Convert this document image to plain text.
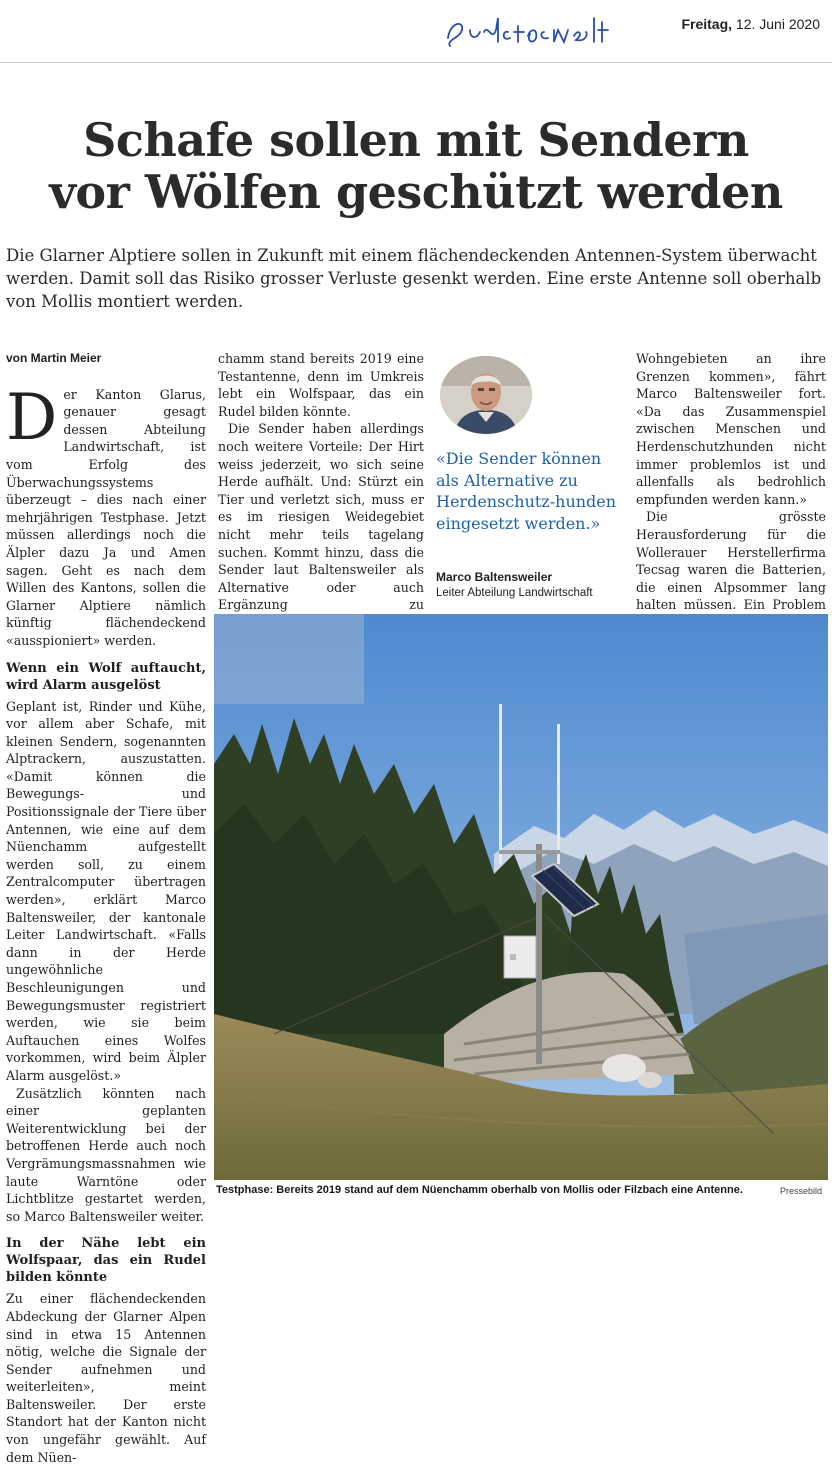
Freitag, 12. Juni 2020
Schafe sollen mit Sendern
vor Wölfen geschützt werden
Die Glarner Alptiere sollen in Zukunft mit einem flächendeckenden Antennen-System überwacht werden. Damit soll das Risiko grosser Verluste gesenkt werden. Eine erste Antenne soll oberhalb von Mollis montiert werden.

von Martin Meier

Der Kanton Glarus, genauer gesagt dessen Abteilung Landwirtschaft, ist vom Erfolg des Überwachungssystems überzeugt – dies nach einer mehrjährigen Testphase. Jetzt müssen allerdings noch die Älpler dazu Ja und Amen sagen. Geht es nach dem Willen des Kantons, sollen die Glarner Alptiere nämlich künftig flächendeckend «ausspioniert» werden.

Wenn ein Wolf auftaucht, wird Alarm ausgelöst

Geplant ist, Rinder und Kühe, vor allem aber Schafe, mit kleinen Sendern, sogenannten Alptrackern, auszustatten. «Damit können die Bewegungs- und Positionssignale der Tiere über Antennen, wie eine auf dem Nüenchamm aufgestellt werden soll, zu einem Zentralcomputer übertragen werden», erklärt Marco Baltensweiler, der kantonale Leiter Landwirtschaft. «Falls dann in der Herde ungewöhnliche Beschleunigungen und Bewegungsmuster registriert werden, wie sie beim Auftauchen eines Wolfes vorkommen, wird beim Älpler Alarm ausgelöst.»

Zusätzlich könnten nach einer geplanten Weiterentwicklung bei der betroffenen Herde auch noch Vergrämungsmassnahmen wie laute Warntöne oder Lichtblitze gestartet werden, so Marco Baltensweiler weiter.

In der Nähe lebt ein Wolfspaar, das ein Rudel bilden könnte

Zu einer flächendeckenden Abdeckung der Glarner Alpen sind in etwa 15 Antennen nötig, welche die Signale der Sender aufnehmen und weiterleiten», meint Baltensweiler. Der erste Standort hat der Kanton nicht von ungefähr gewählt. Auf dem Nüen-

chamm stand bereits 2019 eine Testantenne, denn im Umkreis lebt ein Wolfspaar, das ein Rudel bilden könnte.

Die Sender haben allerdings noch weitere Vorteile: Der Hirt weiss jederzeit, wo sich seine Herde aufhält. Und: Stürzt ein Tier und verletzt sich, muss er es im riesigen Weidegebiet nicht mehr teils tagelang suchen. Kommt hinzu, dass die Sender laut Baltensweiler als Alternative oder auch Ergänzung zu

«Die Sender können als Alternative zu Herdenschutz-hunden eingesetzt werden.»
Marco Baltensweiler
Leiter Abteilung Landwirtschaft

Wohngebieten an ihre Grenzen kommen», fährt Marco Baltensweiler fort. «Da das Zusammenspiel zwischen Menschen und Herdenschutzhunden nicht immer problemlos ist und allenfalls als bedrohlich empfunden werden kann.»

Die grösste Herausforderung für die Wollerauer Herstellerfirma Tecsag waren die Batterien, die einen Alpsommer lang halten müssen. Ein Problem

Testphase: Bereits 2019 stand auf dem Nüenchamm oberhalb von Mollis oder Filzbach eine Antenne.	Pressebild
